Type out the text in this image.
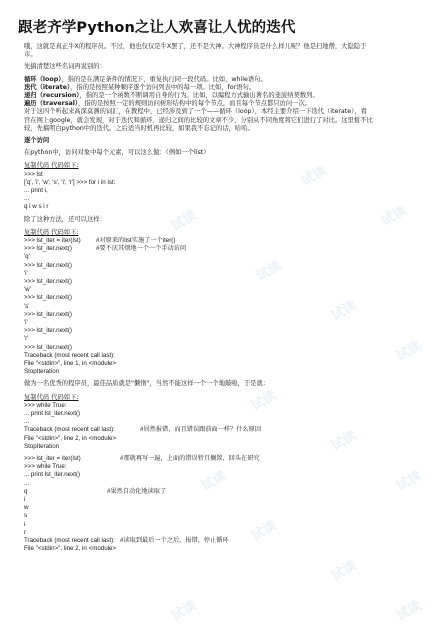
跟老齐学Python之让人欢喜让人忧的迭代
哦，这就是真正牛X的程序员。不过，他也仅仅是牛X罢了，还不是大神。大神程序员是什么样儿呢？他是扫地僧，大隐隐于
市。
先搞清楚这些名词再说别的：
循环（loop），指的是在满足条件的情况下，重复执行同一段代码。比如，while语句。
迭代（iterate），指的是按照某种顺序逐个访问列表中的每一项。比如，for语句。
递归（recursion），指的是一个函数不断调用自身的行为。比如，以编程方式输出著名的斐波纳契数列。
遍历（traversal），指的是按照一定的规则访问树形结构中的每个节点，而且每个节点都只访问一次。
对于这四个听起来高深莫测的词汇，在教程中，已经涉及到了一个——循环（loop），本经主要介绍一下迭代（iterate），看
官在网上google，就会发现，对于迭代和循环、递归之间的比较的文章不少，分别从不同角度将它们进行了对比。这里暂不比
较，先搞明白python中的迭代。之后适当时机再比较，如果我不忘记的话，哈哈。
逐个访问
在python中，访问对象中每个元素，可以这么做：（例如一个list）
复制代码 代码如下:
>>> lst
['q', 'i', 'w', 's', 'i', 'r'] >>> for i in lst:
... print i,
...
q i w s i r
除了这种方法，还可以这样：
复制代码 代码如下:
>>> lst_iter = iter(lst) #对原来的list实施了一个iter()
>>> lst_iter.next()	#要不厌其烦地一个一个手动访问
'q'
>>> lst_iter.next()
'i'
>>> lst_iter.next()
'w'
>>> lst_iter.next()
's'
>>> lst_iter.next()
'i'
>>> lst_iter.next()
'r'
>>> lst_iter.next()
Traceback (most recent call last):
File "<stdin>", line 1, in <module>
StopIteration
做为一名优秀的程序员，最佳品质就是"懒惰"，当然不能这样一个一个地敲啦，于是就：
复制代码 代码如下:
>>> while True:
... print lst_iter.next()
...
Traceback (most recent call last):	#居然报错，而且错误跟前面一样？什么原因
File "<stdin>", line 2, in <module>
StopIteration
>>> lst_iter = iter(lst)	#那就再写一遍，上面的错误暂且搁置，回头在研究
>>> while True:
... print lst_iter.next()
...
q	#果然自动化地读取了
i
w
s
i
r
Traceback (most recent call last): #读取到最后一个之后，报错，停止循环
File "<stdin>", line 2, in <module>
试读
试读
试读
试读
试读
试读
试读
试读
试读
试读
试读
试读
试读
试读
